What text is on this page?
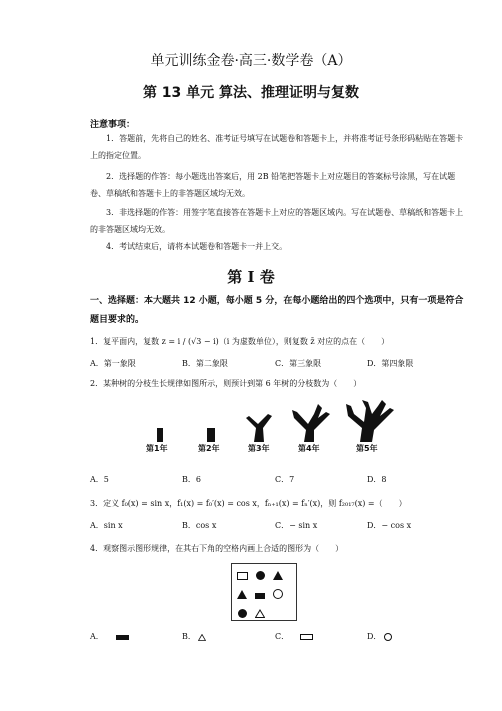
单元训练金卷·高三·数学卷（A）
第 13 单元 算法、推理证明与复数
注意事项：
1．答题前，先将自己的姓名、准考证号填写在试题卷和答题卡上，并将准考证号条形码粘贴在答题卡上的指定位置。
2．选择题的作答：每小题选出答案后，用 2B 铅笔把答题卡上对应题目的答案标号涂黑，写在试题卷、草稿纸和答题卡上的非答题区域均无效。
3．非选择题的作答：用签字笔直接答在答题卡上对应的答题区域内。写在试题卷、草稿纸和答题卡上的非答题区域均无效。
4．考试结束后，请将本试题卷和答题卡一并上交。
第 Ⅰ 卷
一、选择题：本大题共 12 小题，每小题 5 分，在每小题给出的四个选项中，只有一项是符合题目要求的。
1．复平面内，复数 z = i / (√3 − i)（i 为虚数单位），则复数 z̄ 对应的点在（　　）
A．第一象限	B．第二象限	C．第三象限	D．第四象限
2．某种树的分枝生长规律如图所示，则预计到第 6 年树的分枝数为（　　）
第1年	第2年	第3年	第4年	第5年
A．5	B．6	C．7	D．8
3．定义 f₀(x) = sin x，f₁(x) = f₀′(x) = cos x，fₙ₊₁(x) = fₙ′(x)，则 f₂₀₁₇(x) =（　　）
A．sin x	B．cos x	C．− sin x	D．− cos x
4．观察图示图形规律，在其右下角的空格内画上合适的图形为（　　）

A．	B．	C．	D．
